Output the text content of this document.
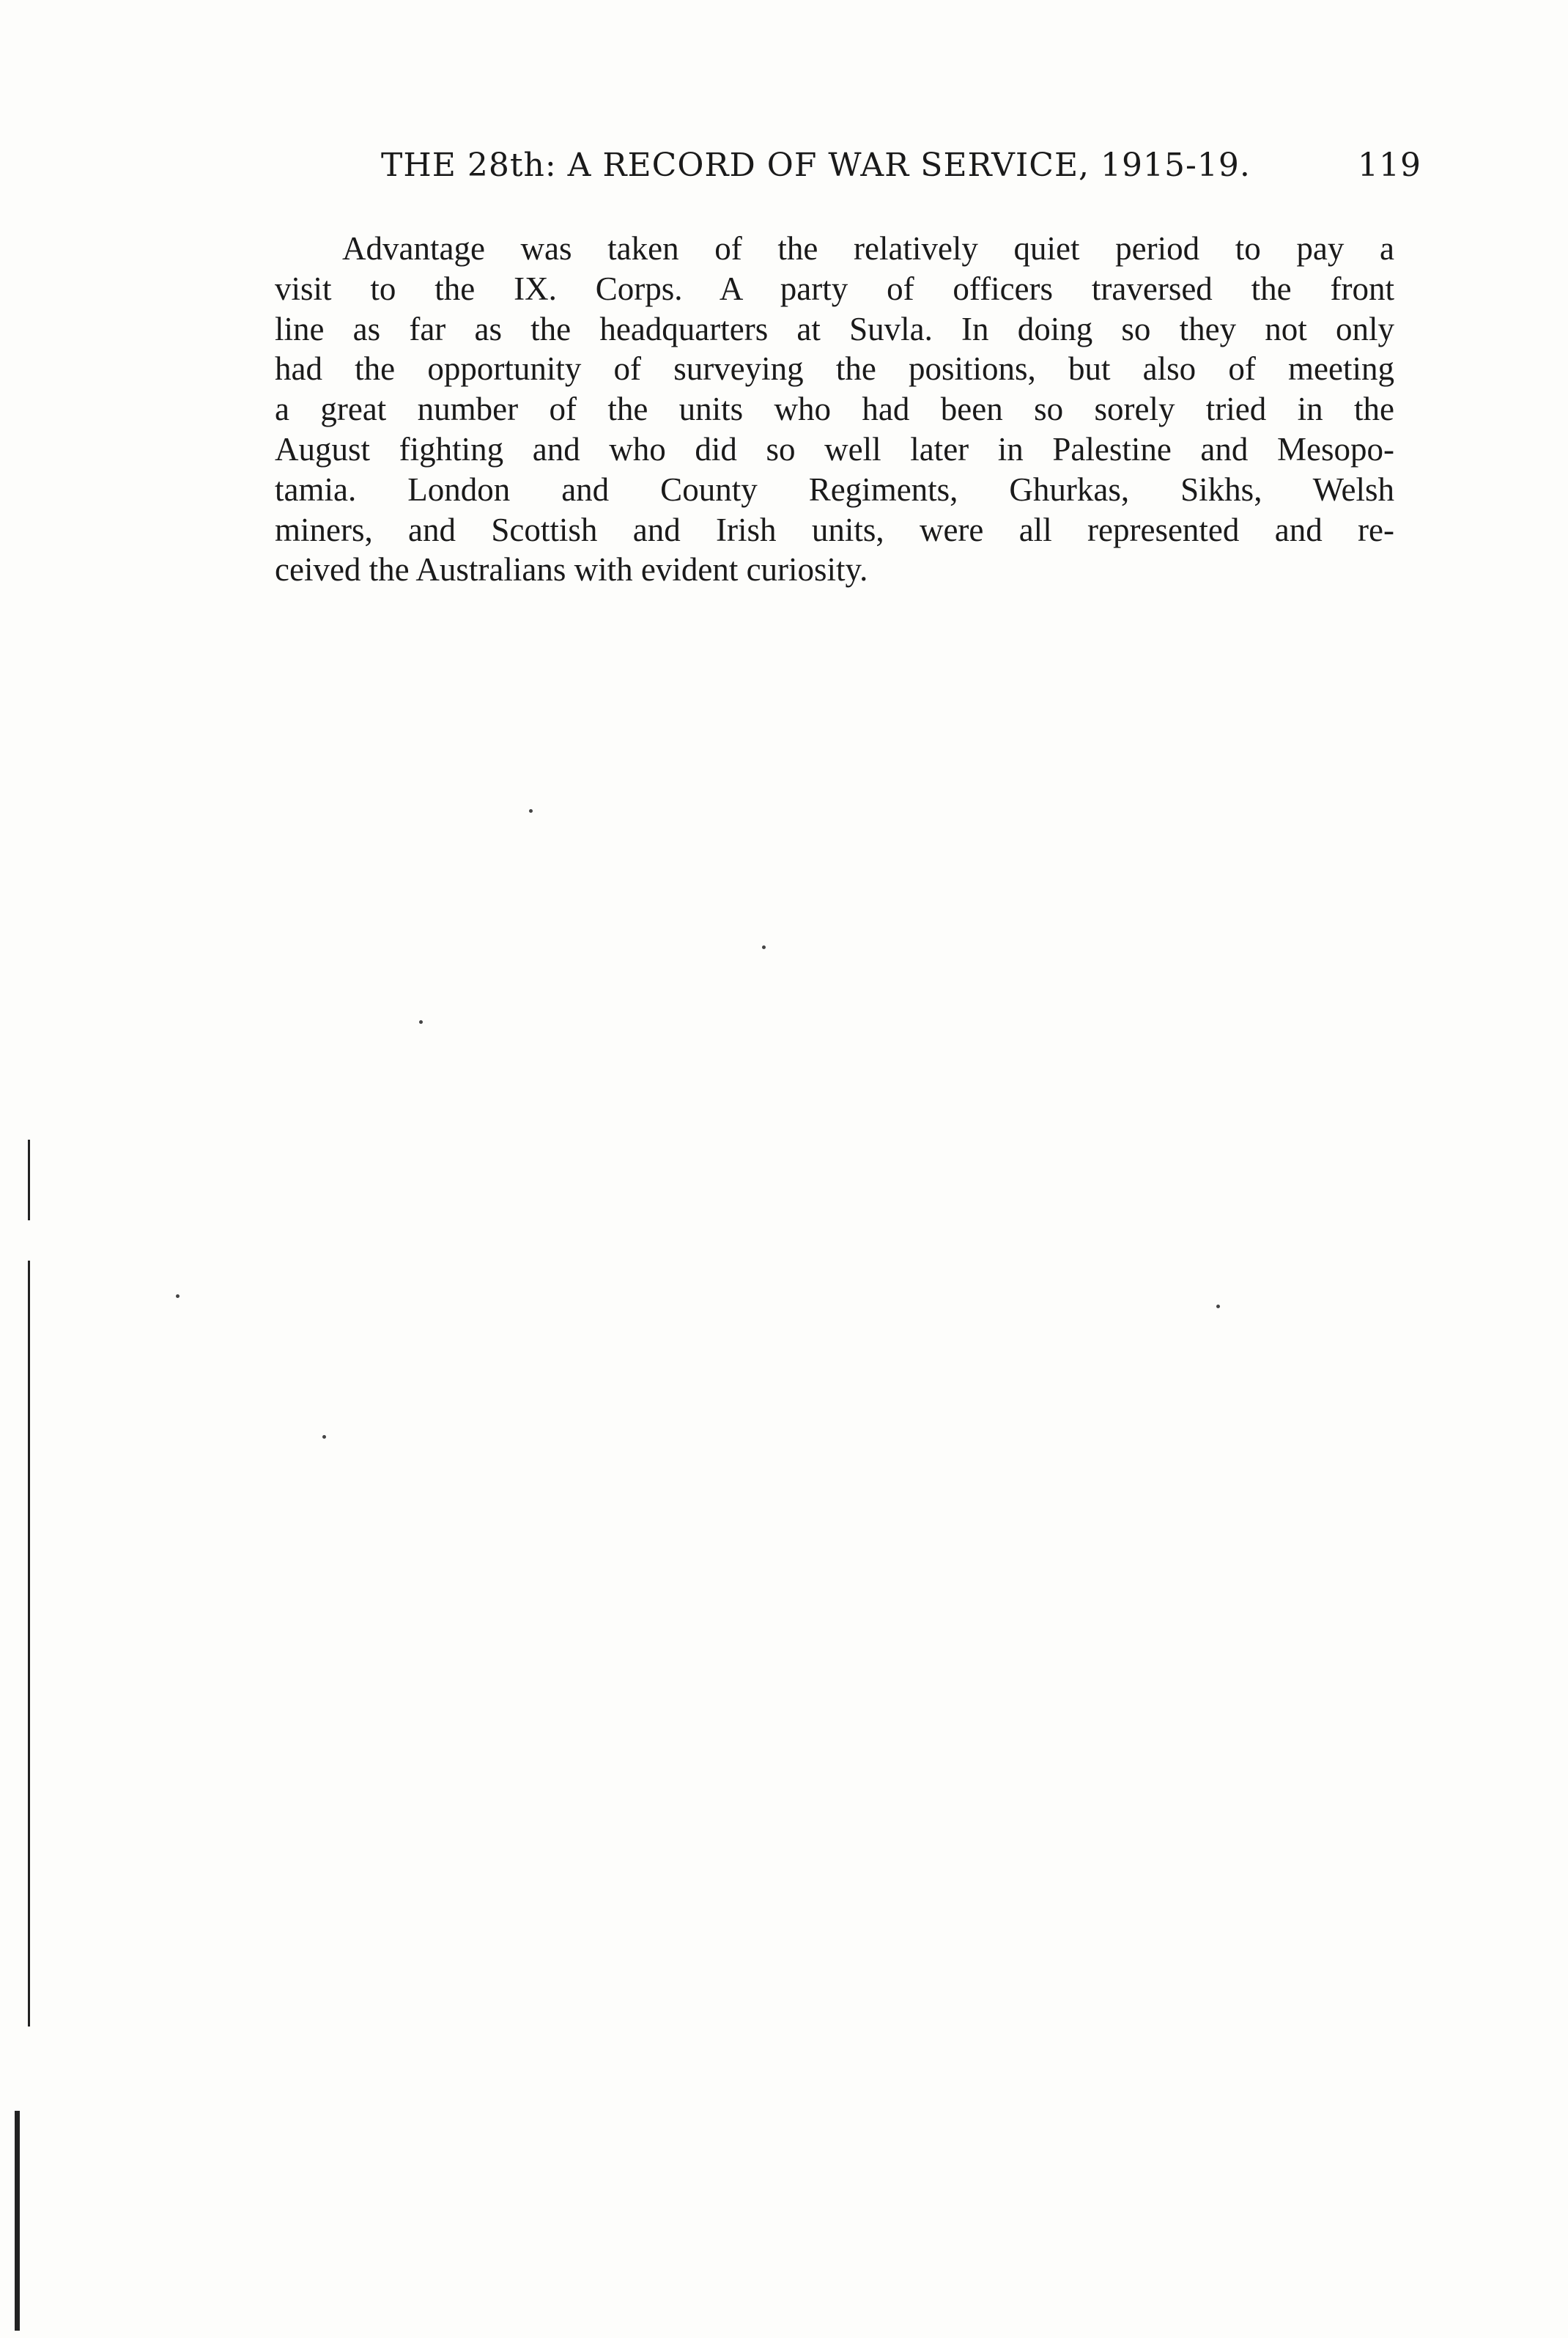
THE 28th: A RECORD OF WAR SERVICE, 1915-19.	119
Advantage was taken of the relatively quiet period to pay a
visit to the IX. Corps. A party of officers traversed the front
line as far as the headquarters at Suvla. In doing so they not only
had the opportunity of surveying the positions, but also of meeting
a great number of the units who had been so sorely tried in the
August fighting and who did so well later in Palestine and Mesopo-
tamia. London and County Regiments, Ghurkas, Sikhs, Welsh
miners, and Scottish and Irish units, were all represented and re-
ceived the Australians with evident curiosity.
